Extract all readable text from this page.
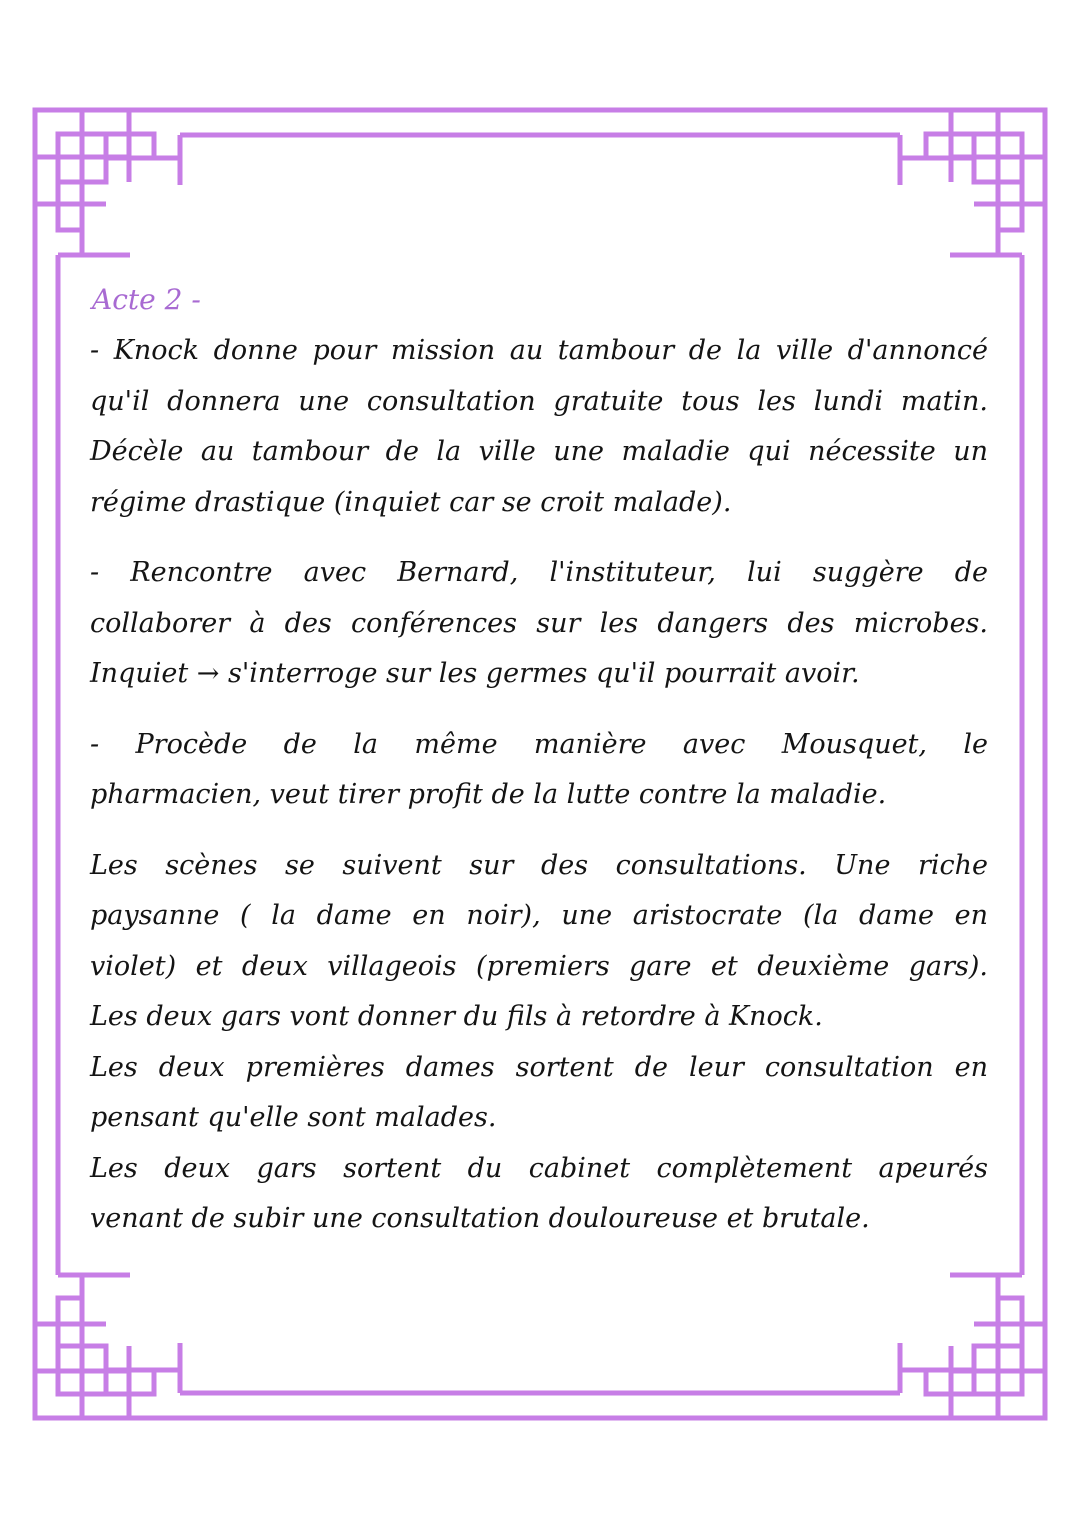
Acte 2 -

- Knock donne pour mission au tambour de la ville d'annoncé
qu'il donnera une consultation gratuite tous les lundi matin.
Décèle au tambour de la ville une maladie qui nécessite un
régime drastique (inquiet car se croit malade).

- Rencontre avec Bernard, l'instituteur, lui suggère de
collaborer à des conférences sur les dangers des microbes.
Inquiet → s'interroge sur les germes qu'il pourrait avoir.

- Procède de la même manière avec Mousquet, le
pharmacien, veut tirer profit de la lutte contre la maladie.

Les scènes se suivent sur des consultations. Une riche
paysanne ( la dame en noir), une aristocrate (la dame en
violet) et deux villageois (premiers gare et deuxième gars).
Les deux gars vont donner du fils à retordre à Knock.
Les deux premières dames sortent de leur consultation en
pensant qu'elle sont malades.
Les deux gars sortent du cabinet complètement apeurés
venant de subir une consultation douloureuse et brutale.
